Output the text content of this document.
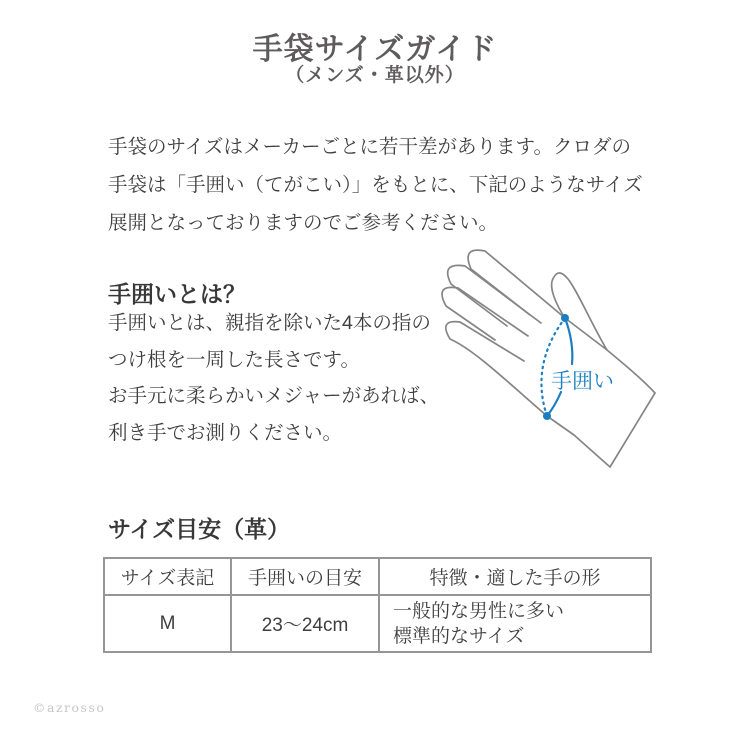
手袋サイズガイド
（メンズ・革以外）
手袋のサイズはメーカーごとに若干差があります。クロダの
手袋は「手囲い（てがこい）」をもとに、下記のようなサイズ
展開となっておりますのでご参考ください。
手囲いとは？
手囲いとは、親指を除いた4本の指の
つけ根を一周した長さです。
お手元に柔らかいメジャーがあれば、
利き手でお測りください。
手囲い
サイズ目安（革）
サイズ表記	手囲いの目安	特徴・適した手の形
M	23〜24cm	一般的な男性に多い
標準的なサイズ
©azrosso
